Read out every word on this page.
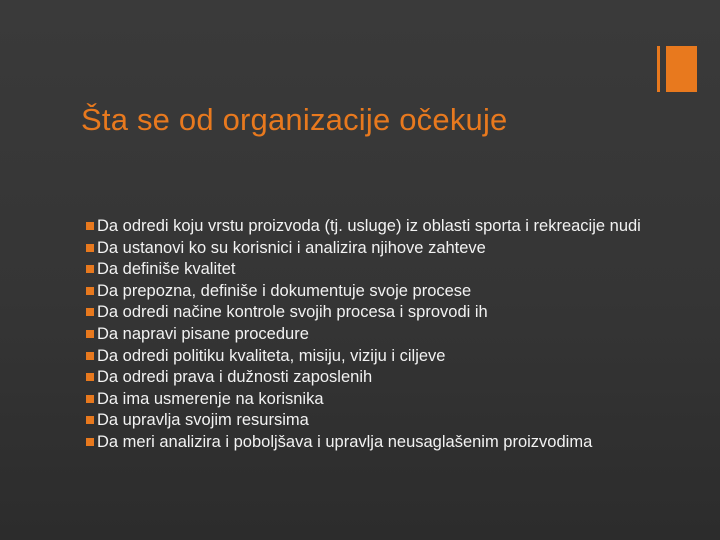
Šta se od organizacije očekuje
Da odredi koju vrstu proizvoda (tj. usluge) iz oblasti sporta i rekreacije nudi
Da ustanovi ko su korisnici i analizira njihove zahteve
Da definiše kvalitet
Da prepozna, definiše i dokumentuje svoje procese
Da odredi načine kontrole svojih procesa i sprovodi ih
Da napravi pisane procedure
Da odredi politiku kvaliteta, misiju, viziju i ciljeve
Da odredi prava i dužnosti zaposlenih
Da ima usmerenje na korisnika
Da upravlja svojim resursima
Da meri analizira i poboljšava i upravlja neusaglašenim proizvodima
